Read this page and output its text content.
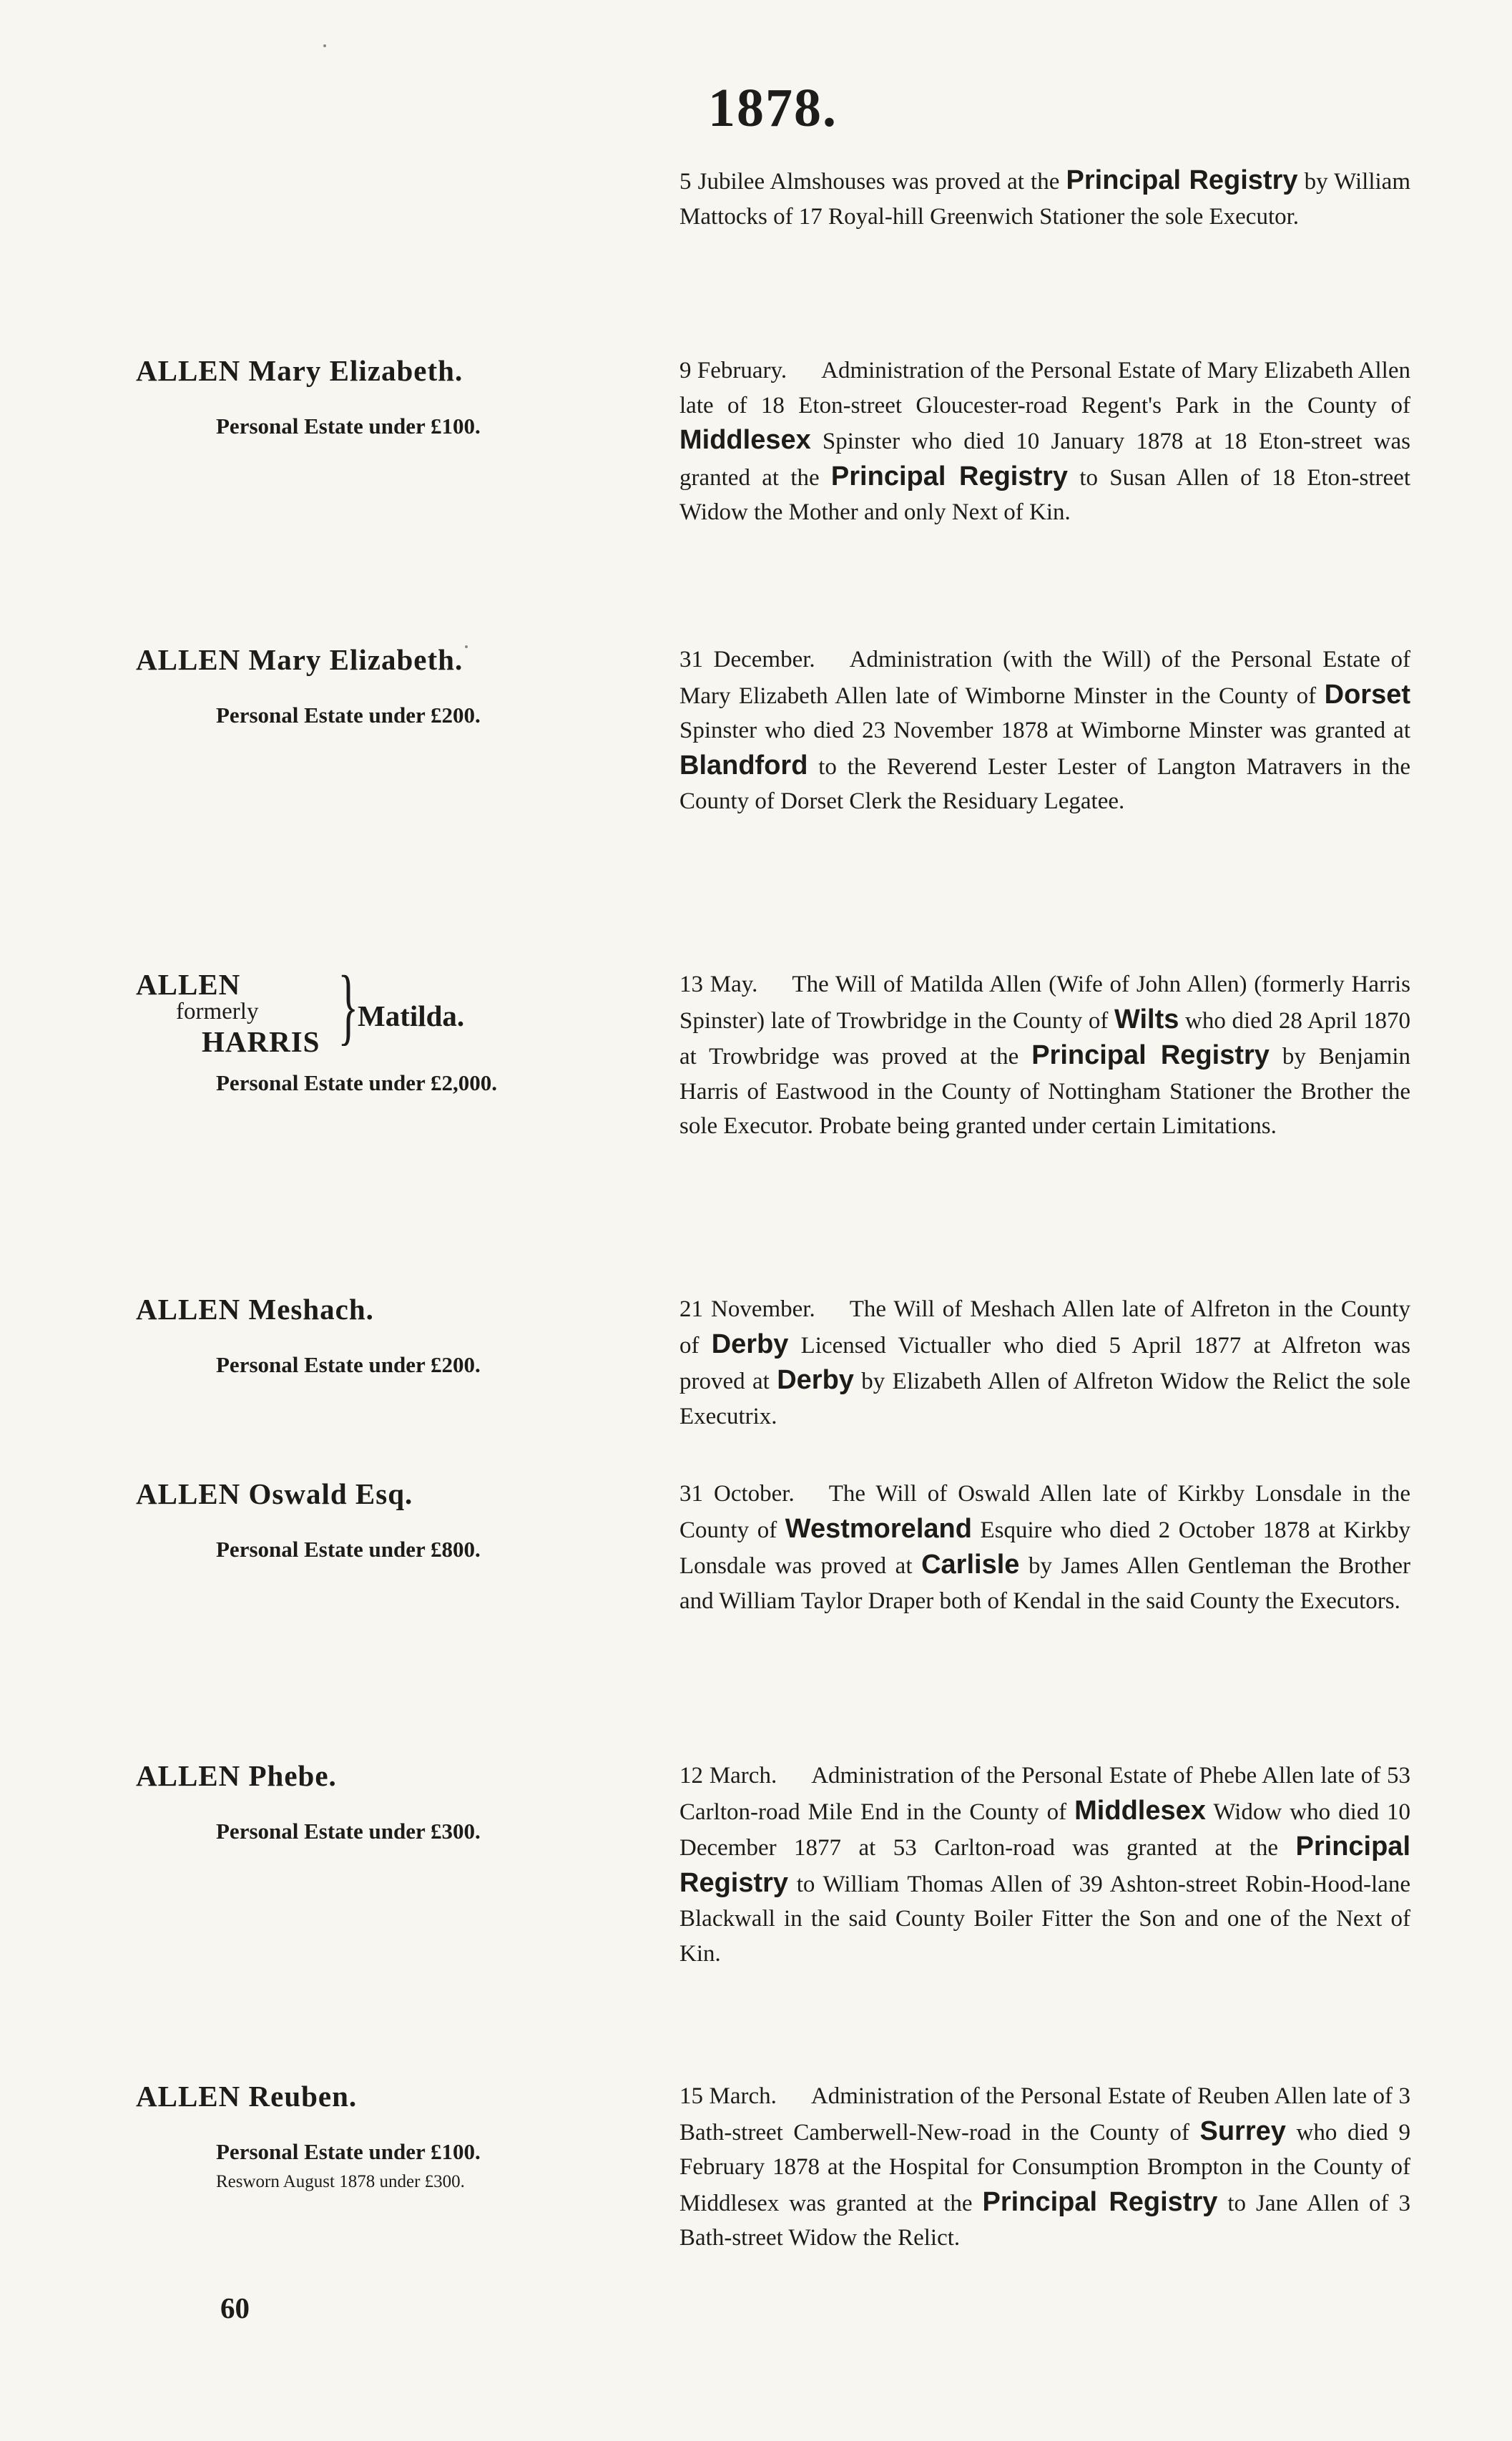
1878.
5 Jubilee Almshouses was proved at the Principal Registry by William Mattocks of 17 Royal-hill Greenwich Stationer the sole Executor.
ALLEN Mary Elizabeth.
Personal Estate under £100.
9 February. Administration of the Personal Estate of Mary Elizabeth Allen late of 18 Eton-street Gloucester-road Regent's Park in the County of Middlesex Spinster who died 10 January 1878 at 18 Eton-street was granted at the Principal Registry to Susan Allen of 18 Eton-street Widow the Mother and only Next of Kin.
ALLEN Mary Elizabeth.
Personal Estate under £200.
31 December. Administration (with the Will) of the Personal Estate of Mary Elizabeth Allen late of Wimborne Minster in the County of Dorset Spinster who died 23 November 1878 at Wimborne Minster was granted at Blandford to the Reverend Lester Lester of Langton Matravers in the County of Dorset Clerk the Residuary Legatee.
ALLEN
formerly
HARRIS }
Matilda.
Personal Estate under £2,000.
13 May. The Will of Matilda Allen (Wife of John Allen) (formerly Harris Spinster) late of Trowbridge in the County of Wilts who died 28 April 1870 at Trowbridge was proved at the Principal Registry by Benjamin Harris of Eastwood in the County of Nottingham Stationer the Brother the sole Executor. Probate being granted under certain Limitations.
ALLEN Meshach.
Personal Estate under £200.
21 November. The Will of Meshach Allen late of Alfreton in the County of Derby Licensed Victualler who died 5 April 1877 at Alfreton was proved at Derby by Elizabeth Allen of Alfreton Widow the Relict the sole Executrix.
ALLEN Oswald Esq.
Personal Estate under £800.
31 October. The Will of Oswald Allen late of Kirkby Lonsdale in the County of Westmoreland Esquire who died 2 October 1878 at Kirkby Lonsdale was proved at Carlisle by James Allen Gentleman the Brother and William Taylor Draper both of Kendal in the said County the Executors.
ALLEN Phebe.
Personal Estate under £300.
12 March. Administration of the Personal Estate of Phebe Allen late of 53 Carlton-road Mile End in the County of Middlesex Widow who died 10 December 1877 at 53 Carlton-road was granted at the Principal Registry to William Thomas Allen of 39 Ashton-street Robin-Hood-lane Blackwall in the said County Boiler Fitter the Son and one of the Next of Kin.
ALLEN Reuben.
Personal Estate under £100.
Resworn August 1878 under £300.
15 March. Administration of the Personal Estate of Reuben Allen late of 3 Bath-street Camberwell-New-road in the County of Surrey who died 9 February 1878 at the Hospital for Consumption Brompton in the County of Middlesex was granted at the Principal Registry to Jane Allen of 3 Bath-street Widow the Relict.
60
